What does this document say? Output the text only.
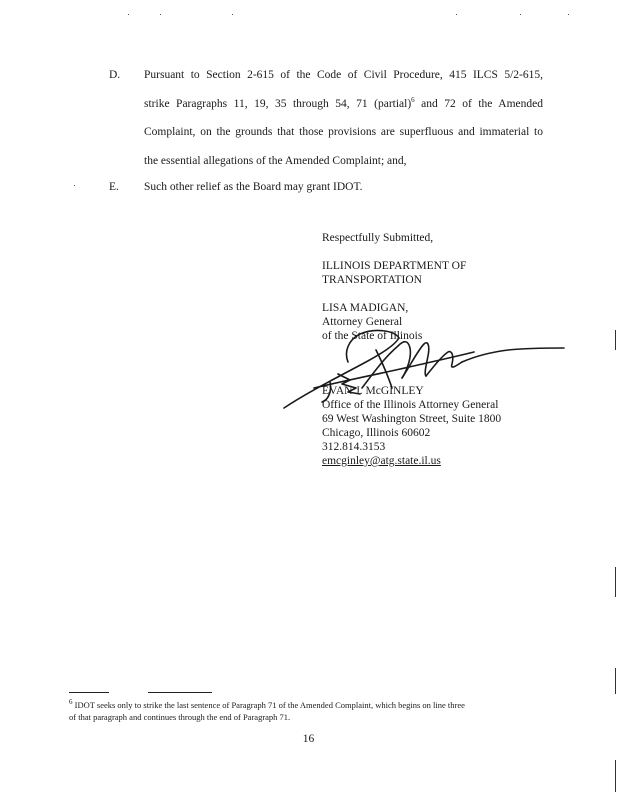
D. Pursuant to Section 2-615 of the Code of Civil Procedure, 415 ILCS 5/2-615,
strike Paragraphs 11, 19, 35 through 54, 71 (partial)$^6$ and 72 of the Amended
Complaint, on the grounds that those provisions are superfluous and immaterial to
the essential allegations of the Amended Complaint; and,
E. Such other relief as the Board may grant IDOT.
Respectfully Submitted,
ILLINOIS DEPARTMENT OF
TRANSPORTATION
LISA MADIGAN,
Attorney General
of the State of Illinois
EVAN J. McGINLEY
Office of the Illinois Attorney General
69 West Washington Street, Suite 1800
Chicago, Illinois 60602
312.814.3153
emcginley@atg.state.il.us
$^6$ IDOT seeks only to strike the last sentence of Paragraph 71 of the Amended Complaint, which begins on line three
of that paragraph and continues through the end of Paragraph 71.
16
